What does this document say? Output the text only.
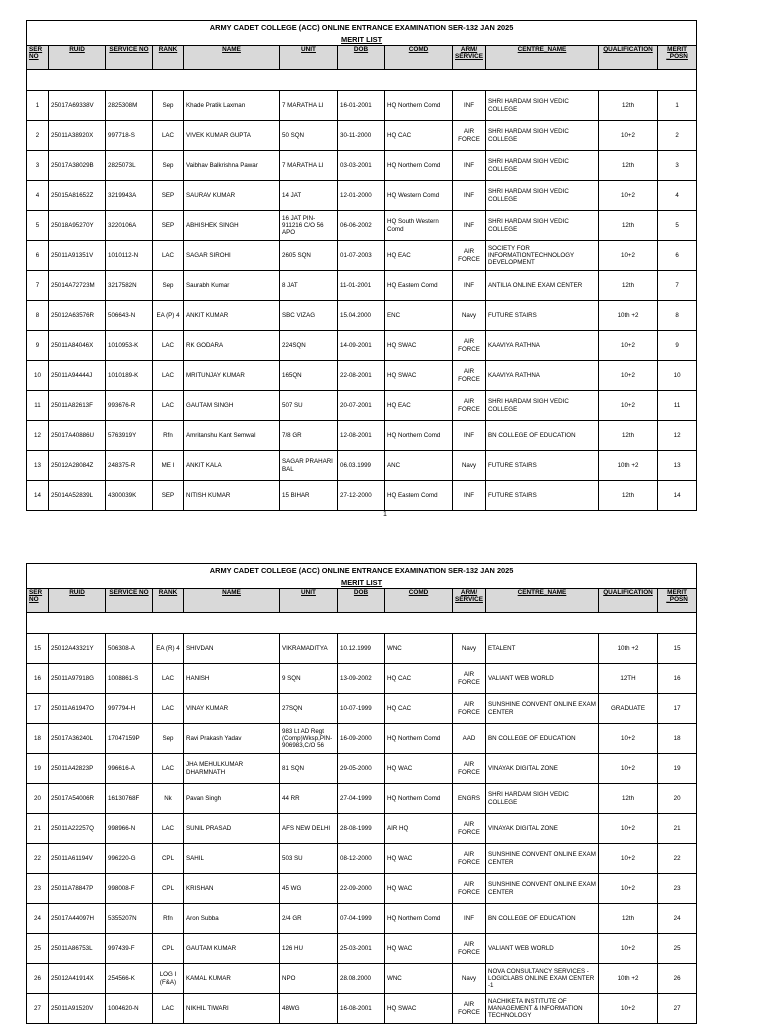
ARMY CADET COLLEGE (ACC) ONLINE ENTRANCE EXAMINATION SER-132 JAN 2025											
MERIT LIST											
SER NO	RUID	SERVICE NO	RANK	NAME	UNIT	DOB	COMD	ARM/ SERVICE	CENTRE_NAME	QUALIFICATION	MERIT _POSN

1	25017A69338V	2825308M	Sep	Khade Pratik Laxman	7 MARATHA LI	16-01-2001	HQ Northern Comd	INF	SHRI HARDAM SIGH VEDIC COLLEGE	12th	1
2	25011A38920X	997718-S	LAC	VIVEK KUMAR GUPTA	50 SQN	30-11-2000	HQ CAC	AIR FORCE	SHRI HARDAM SIGH VEDIC COLLEGE	10+2	2
3	25017A38029B	2825073L	Sep	Vaibhav Balkrishna Pawar	7 MARATHA LI	03-03-2001	HQ Northern Comd	INF	SHRI HARDAM SIGH VEDIC COLLEGE	12th	3
4	25015A81652Z	3219943A	SEP	SAURAV KUMAR	14 JAT	12-01-2000	HQ Western Comd	INF	SHRI HARDAM SIGH VEDIC COLLEGE	10+2	4
5	25018A95270Y	3220106A	SEP	ABHISHEK SINGH	16 JAT PIN-911216 C/O 56 APO	06-06-2002	HQ South Western Comd	INF	SHRI HARDAM SIGH VEDIC COLLEGE	12th	5
6	25011A91351V	1010112-N	LAC	SAGAR SIROHI	2605 SQN	01-07-2003	HQ EAC	AIR FORCE	SOCIETY FOR INFORMATIONTECHNOLOGY DEVELOPMENT	10+2	6
7	25014A72723M	3217582N	Sep	Saurabh Kumar	8 JAT	11-01-2001	HQ Eastern Comd	INF	ANTILIA ONLINE EXAM CENTER	12th	7
8	25012A63576R	506643-N	EA (P) 4	ANKIT KUMAR	SBC VIZAG	15.04.2000	ENC	Navy	FUTURE STAIRS	10th +2	8
9	25011A84046X	1010953-K	LAC	RK GODARA	224SQN	14-09-2001	HQ SWAC	AIR FORCE	KAAVIYA RATHNA	10+2	9
10	25011A94444J	1010189-K	LAC	MRITUNJAY KUMAR	165QN	22-08-2001	HQ SWAC	AIR FORCE	KAAVIYA RATHNA	10+2	10
11	25011A82613F	993676-R	LAC	GAUTAM SINGH	507 SU	20-07-2001	HQ EAC	AIR FORCE	SHRI HARDAM SIGH VEDIC COLLEGE	10+2	11
12	25017A40886U	5763919Y	Rfn	Amritanshu Kant Semwal	7/8 GR	12-08-2001	HQ Northern Comd	INF	BN COLLEGE OF EDUCATION	12th	12
13	25012A28084Z	248375-R	ME I	ANKIT KALA	SAGAR PRAHARI BAL	06.03.1999	ANC	Navy	FUTURE STAIRS	10th +2	13
14	25014A52839L	4300039K	SEP	NITISH KUMAR	15 BIHAR	27-12-2000	HQ Eastern Comd	INF	FUTURE STAIRS	12th	14
1
ARMY CADET COLLEGE (ACC) ONLINE ENTRANCE EXAMINATION SER-132 JAN 2025											
MERIT LIST											
SER NO	RUID	SERVICE NO	RANK	NAME	UNIT	DOB	COMD	ARM/ SERVICE	CENTRE_NAME	QUALIFICATION	MERIT _POSN

15	25012A43321Y	506308-A	EA (R) 4	SHIVDAN	VIKRAMADITYA	10.12.1999	WNC	Navy	ETALENT	10th +2	15
16	25011A97918G	1008861-S	LAC	HANISH	9 SQN	13-09-2002	HQ CAC	AIR FORCE	VALIANT WEB WORLD	12TH	16
17	25011A61947O	997794-H	LAC	VINAY KUMAR	27SQN	10-07-1999	HQ CAC	AIR FORCE	SUNSHINE CONVENT ONLINE EXAM CENTER	GRADUATE	17
18	25017A36240L	17047159P	Sep	Ravi Prakash Yadav	983 Lt AD Regt (Comp)Wksp,PIN-906983,C/O 56	16-09-2000	HQ Northern Comd	AAD	BN COLLEGE OF EDUCATION	10+2	18
19	25011A42823P	996616-A	LAC	JHA MEHULKUMAR DHARMNATH	81 SQN	29-05-2000	HQ WAC	AIR FORCE	VINAYAK DIGITAL ZONE	10+2	19
20	25017A54006R	16130768F	Nk	Pavan Singh	44 RR	27-04-1999	HQ Northern Comd	ENGRS	SHRI HARDAM SIGH VEDIC COLLEGE	12th	20
21	25011A22257Q	998966-N	LAC	SUNIL PRASAD	AFS NEW DELHI	28-08-1999	AIR HQ	AIR FORCE	VINAYAK DIGITAL ZONE	10+2	21
22	25011A61194V	996220-G	CPL	SAHIL	503 SU	08-12-2000	HQ WAC	AIR FORCE	SUNSHINE CONVENT ONLINE EXAM CENTER	10+2	22
23	25011A78847P	998008-F	CPL	KRISHAN	45 WG	22-09-2000	HQ WAC	AIR FORCE	SUNSHINE CONVENT ONLINE EXAM CENTER	10+2	23
24	25017A44097H	5355207N	Rfn	Aron Subba	2/4 GR	07-04-1999	HQ Northern Comd	INF	BN COLLEGE OF EDUCATION	12th	24
25	25011A86753L	997439-F	CPL	GAUTAM KUMAR	126 HU	25-03-2001	HQ WAC	AIR FORCE	VALIANT WEB WORLD	10+2	25
26	25012A41914X	254566-K	LOG I (F&A)	KAMAL KUMAR	NPO	28.08.2000	WNC	Navy	NOVA CONSULTANCY SERVICES - LOGICLABS ONLINE EXAM CENTER -1	10th +2	26
27	25011A91520V	1004620-N	LAC	NIKHIL TIWARI	48WG	16-08-2001	HQ SWAC	AIR FORCE	NACHIKETA INSTITUTE OF MANAGEMENT & INFORMATION TECHNOLOGY	10+2	27
